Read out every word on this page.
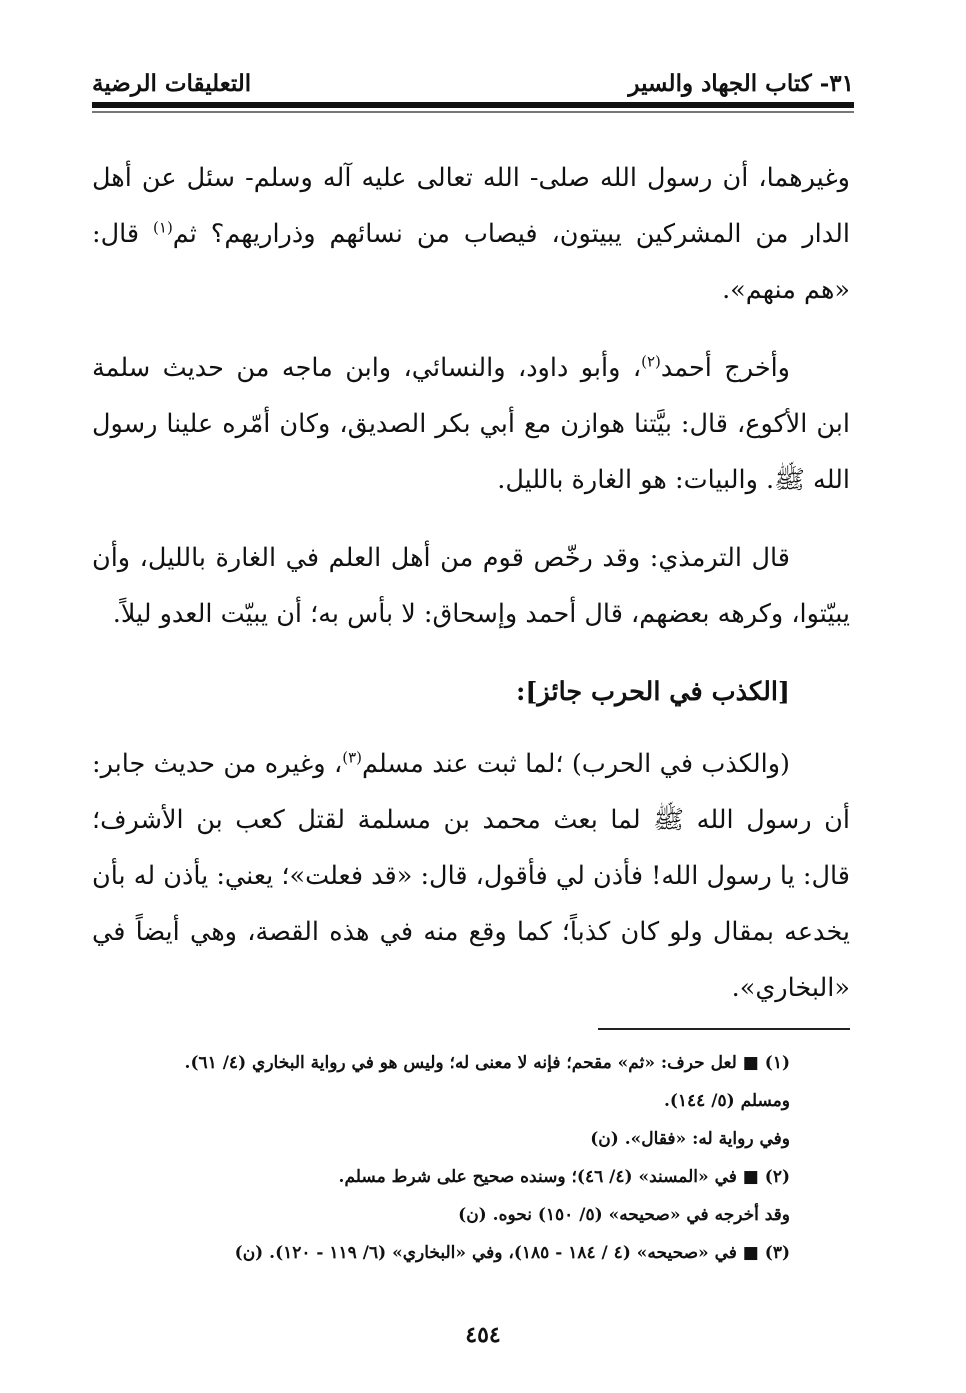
٣١- كتاب الجهاد والسير
التعليقات الرضية

وغيرهما، أن رسول الله صلى- الله تعالى عليه آله وسلم- سئل عن أهل الدار من المشركين يبيتون، فيصاب من نسائهم وذراريهم؟ ثم$^{(١)}$ قال: «هم منهم».

وأخرج أحمد$^{(٢)}$، وأبو داود، والنسائي، وابن ماجه من حديث سلمة ابن الأكوع، قال: بيَّتنا هوازن مع أبي بكر الصديق، وكان أمّره علينا رسول الله ﷺ. والبيات: هو الغارة بالليل.

قال الترمذي: وقد رخّص قوم من أهل العلم في الغارة بالليل، وأن يبيّتوا، وكرهه بعضهم، قال أحمد وإسحاق: لا بأس به؛ أن يبيّت العدو ليلاً.

[الكذب في الحرب جائز]:

(والكذب في الحرب) ؛لما ثبت عند مسلم$^{(٣)}$، وغيره من حديث جابر: أن رسول الله ﷺ لما بعث محمد بن مسلمة لقتل كعب بن الأشرف؛ قال: يا رسول الله! فأذن لي فأقول، قال: «قد فعلت»؛ يعني: يأذن له بأن يخدعه بمقال ولو كان كذباً؛ كما وقع منه في هذه القصة، وهي أيضاً في «البخاري».

(١) ■ لعل حرف: «ثم» مقحم؛ فإنه لا معنى له؛ وليس هو في رواية البخاري (٤/ ٦١).
ومسلم (٥/ ١٤٤).
وفي رواية له: «فقال». (ن)
(٢) ■ في «المسند» (٤/ ٤٦)؛ وسنده صحيح على شرط مسلم.
وقد أخرجه في «صحيحه» (٥/ ١٥٠) نحوه. (ن)
(٣) ■ في «صحيحه» (٤ / ١٨٤ - ١٨٥)، وفي «البخاري» (٦/ ١١٩ - ١٢٠). (ن)
٤٥٤
